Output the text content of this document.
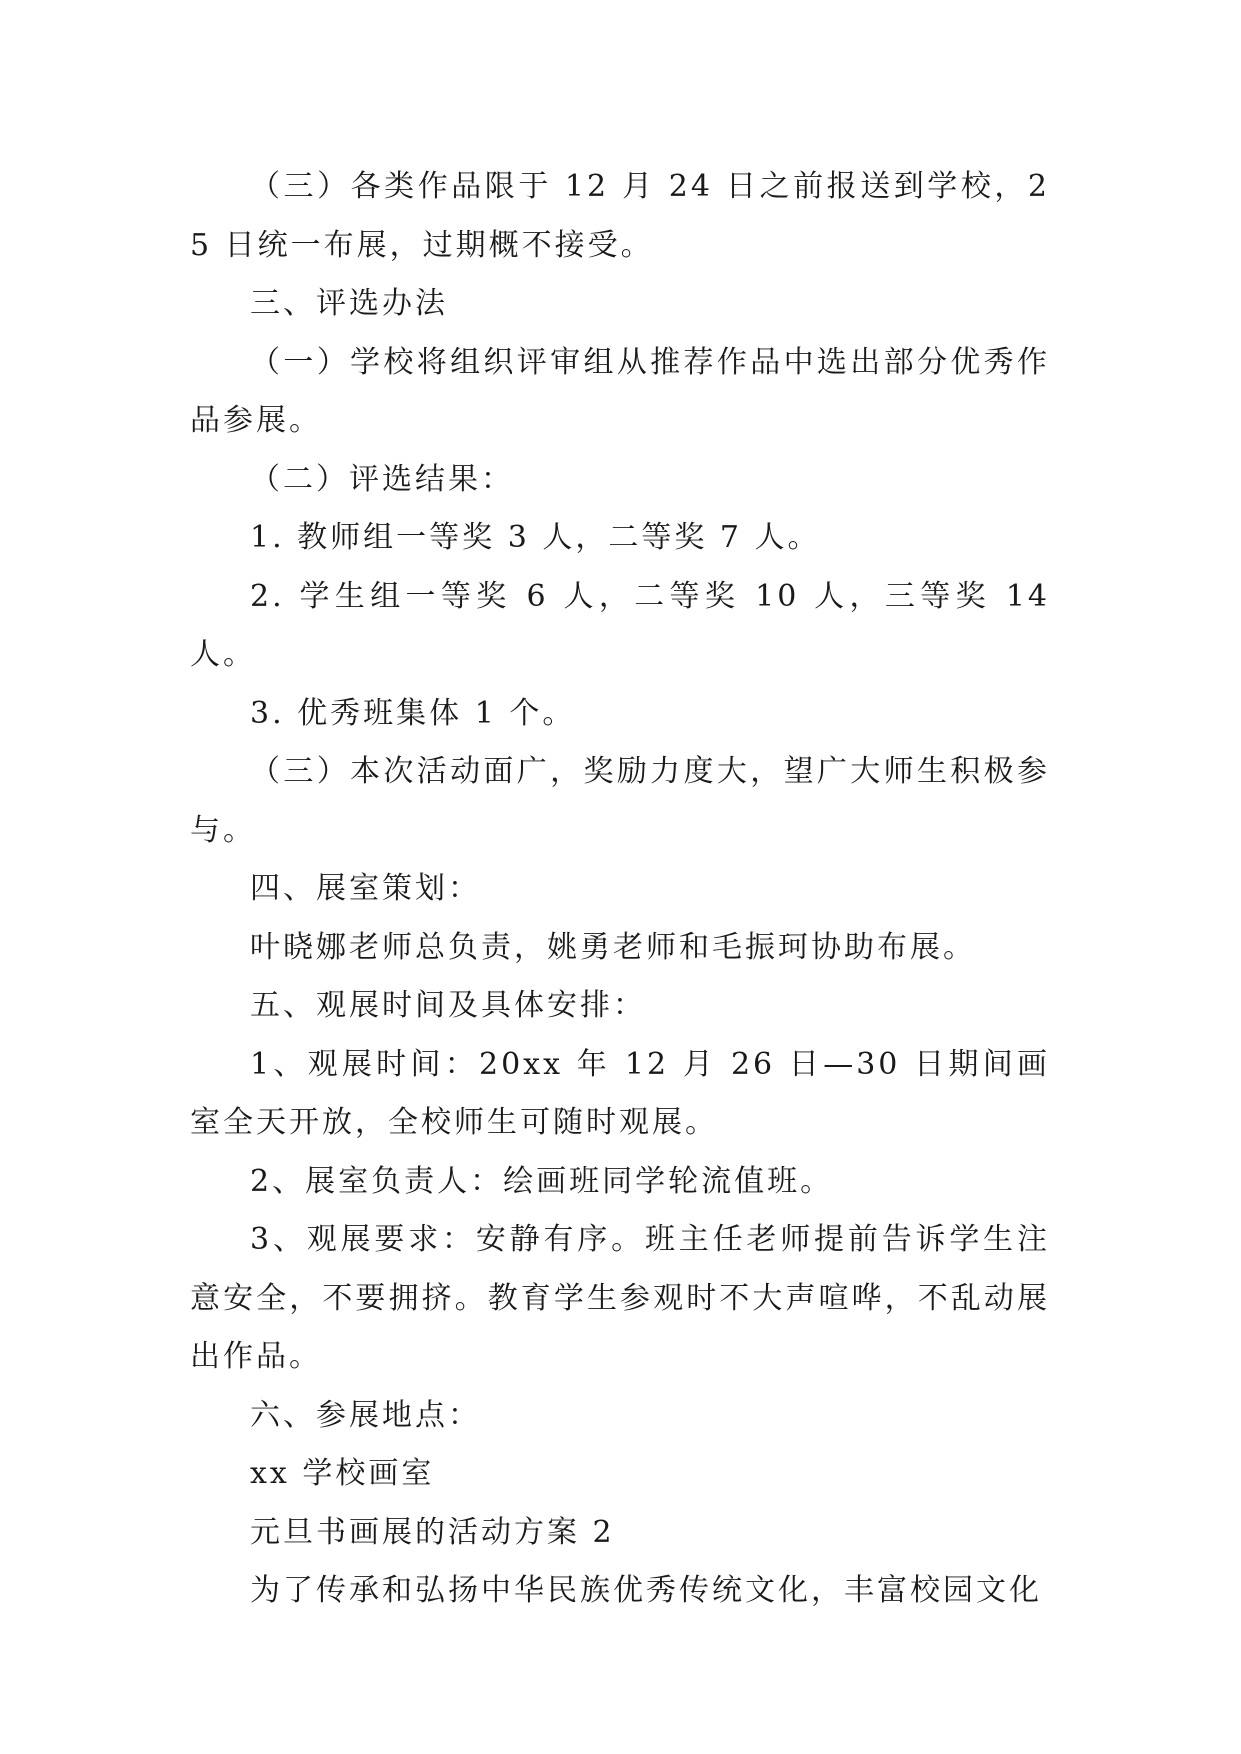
（三）各类作品限于 12 月 24 日之前报送到学校，25 日统一布展，过期概不接受。

三、评选办法

（一）学校将组织评审组从推荐作品中选出部分优秀作品参展。

（二）评选结果：

1. 教师组一等奖 3 人，二等奖 7 人。

2. 学生组一等奖 6 人，二等奖 10 人，三等奖 14 人。

3. 优秀班集体 1 个。

（三）本次活动面广，奖励力度大，望广大师生积极参与。

四、展室策划：

叶晓娜老师总负责，姚勇老师和毛振珂协助布展。

五、观展时间及具体安排：

1、观展时间：20xx 年 12 月 26 日—30 日期间画室全天开放，全校师生可随时观展。

2、展室负责人：绘画班同学轮流值班。

3、观展要求：安静有序。班主任老师提前告诉学生注意安全，不要拥挤。教育学生参观时不大声喧哗，不乱动展出作品。

六、参展地点：

xx 学校画室

元旦书画展的活动方案 2

为了传承和弘扬中华民族优秀传统文化，丰富校园文化
